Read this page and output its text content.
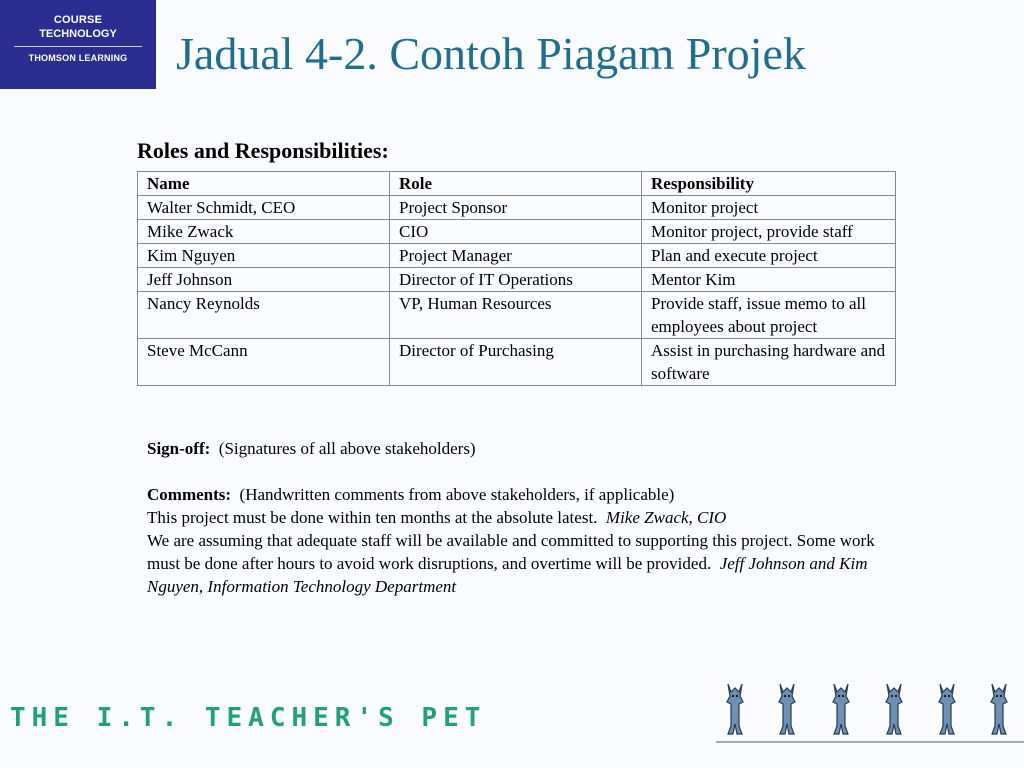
COURSE
TECHNOLOGY
THOMSON LEARNING	Jadual 4-2. Contoh Piagam Projek
Roles and Responsibilities:
Name	Role	Responsibility
Walter Schmidt, CEO	Project Sponsor	Monitor project
Mike Zwack	CIO	Monitor project, provide staff
Kim Nguyen	Project Manager	Plan and execute project
Jeff Johnson	Director of IT Operations	Mentor Kim
Nancy Reynolds	VP, Human Resources	Provide staff, issue memo to all employees about project
Steve McCann	Director of Purchasing	Assist in purchasing hardware and software

Sign-off: (Signatures of all above stakeholders)

Comments: (Handwritten comments from above stakeholders, if applicable)

This project must be done within ten months at the absolute latest. Mike Zwack, CIO

We are assuming that adequate staff will be available and committed to supporting this project. Some work must be done after hours to avoid work disruptions, and overtime will be provided. Jeff Johnson and Kim Nguyen, Information Technology Department

THE I.T. TEACHER'S PET
